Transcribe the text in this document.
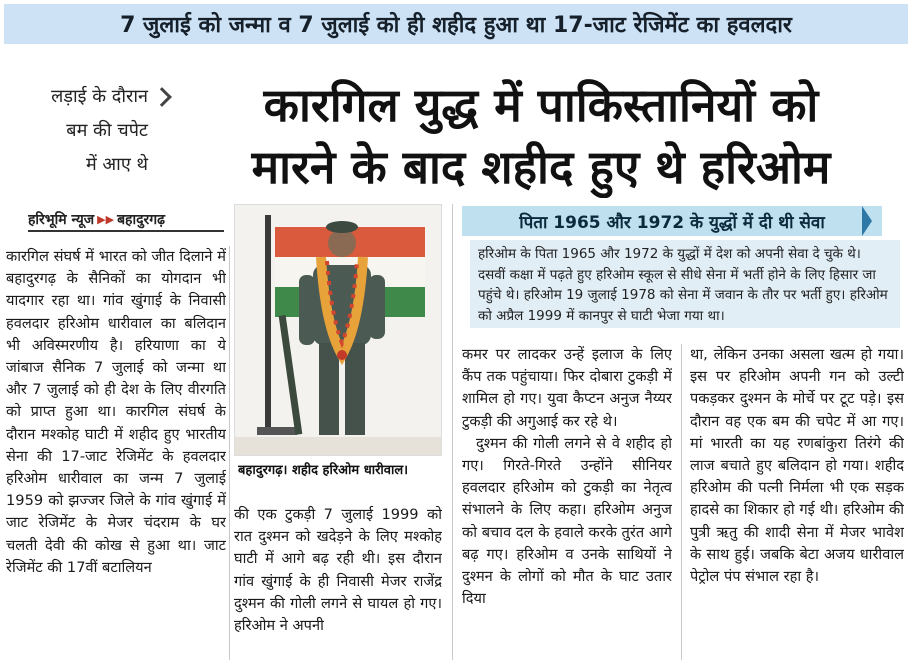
7 जुलाई को जन्मा व 7 जुलाई को ही शहीद हुआ था 17-जाट रेजिमेंट का हवलदार
लड़ाई के दौरान
बम की चपेट
में आए थे
कारगिल युद्ध में पाकिस्तानियों को
मारने के बाद शहीद हुए थे हरिओम
हरिभूमि न्यूज ▶▶ बहादुरगढ़

कारगिल संघर्ष में भारत को जीत दिलाने में बहादुरगढ़ के सैनिकों का योगदान भी यादगार रहा था। गांव खुंगाई के निवासी हवलदार हरिओम धारीवाल का बलिदान भी अविस्मरणीय है। हरियाणा का ये जांबाज सैनिक 7 जुलाई को जन्मा था और 7 जुलाई को ही देश के लिए वीरगति को प्राप्त हुआ था। कारगिल संघर्ष के दौरान मश्कोह घाटी में शहीद हुए भारतीय सेना की 17-जाट रेजिमेंट के हवलदार हरिओम धारीवाल का जन्म 7 जुलाई 1959 को झज्जर जिले के गांव खुंगाई में जाट रेजिमेंट के मेजर चंदराम के घर चलती देवी की कोख से हुआ था। जाट रेजिमेंट की 17वीं बटालियन

बहादुरगढ़। शहीद हरिओम धारीवाल।

की एक टुकड़ी 7 जुलाई 1999 को रात दुश्मन को खदेड़ने के लिए मश्कोह घाटी में आगे बढ़ रही थी। इस दौरान गांव खुंगाई के ही निवासी मेजर राजेंद्र दुश्मन की गोली लगने से घायल हो गए। हरिओम ने अपनी

पिता 1965 और 1972 के युद्धों में दी थी सेवा

हरिओम के पिता 1965 और 1972 के युद्धों में देश को अपनी सेवा दे चुके थे। दसवीं कक्षा में पढ़ते हुए हरिओम स्कूल से सीधे सेना में भर्ती होने के लिए हिसार जा पहुंचे थे। हरिओम 19 जुलाई 1978 को सेना में जवान के तौर पर भर्ती हुए। हरिओम को अप्रैल 1999 में कानपुर से घाटी भेजा गया था।

कमर पर लादकर उन्हें इलाज के लिए कैंप तक पहुंचाया। फिर दोबारा टुकड़ी में शामिल हो गए। युवा कैप्टन अनुज नैय्यर टुकड़ी की अगुआई कर रहे थे।

दुश्मन की गोली लगने से वे शहीद हो गए। गिरते-गिरते उन्होंने सीनियर हवलदार हरिओम को टुकड़ी का नेतृत्व संभालने के लिए कहा। हरिओम अनुज को बचाव दल के हवाले करके तुरंत आगे बढ़ गए। हरिओम व उनके साथियों ने दुश्मन के लोगों को मौत के घाट उतार दिया

था, लेकिन उनका असला खत्म हो गया। इस पर हरिओम अपनी गन को उल्टी पकड़कर दुश्मन के मोर्चे पर टूट पड़े। इस दौरान वह एक बम की चपेट में आ गए। मां भारती का यह रणबांकुरा तिरंगे की लाज बचाते हुए बलिदान हो गया। शहीद हरिओम की पत्नी निर्मला भी एक सड़क हादसे का शिकार हो गई थी। हरिओम की पुत्री ऋतु की शादी सेना में मेजर भावेश के साथ हुई। जबकि बेटा अजय धारीवाल पेट्रोल पंप संभाल रहा है।
